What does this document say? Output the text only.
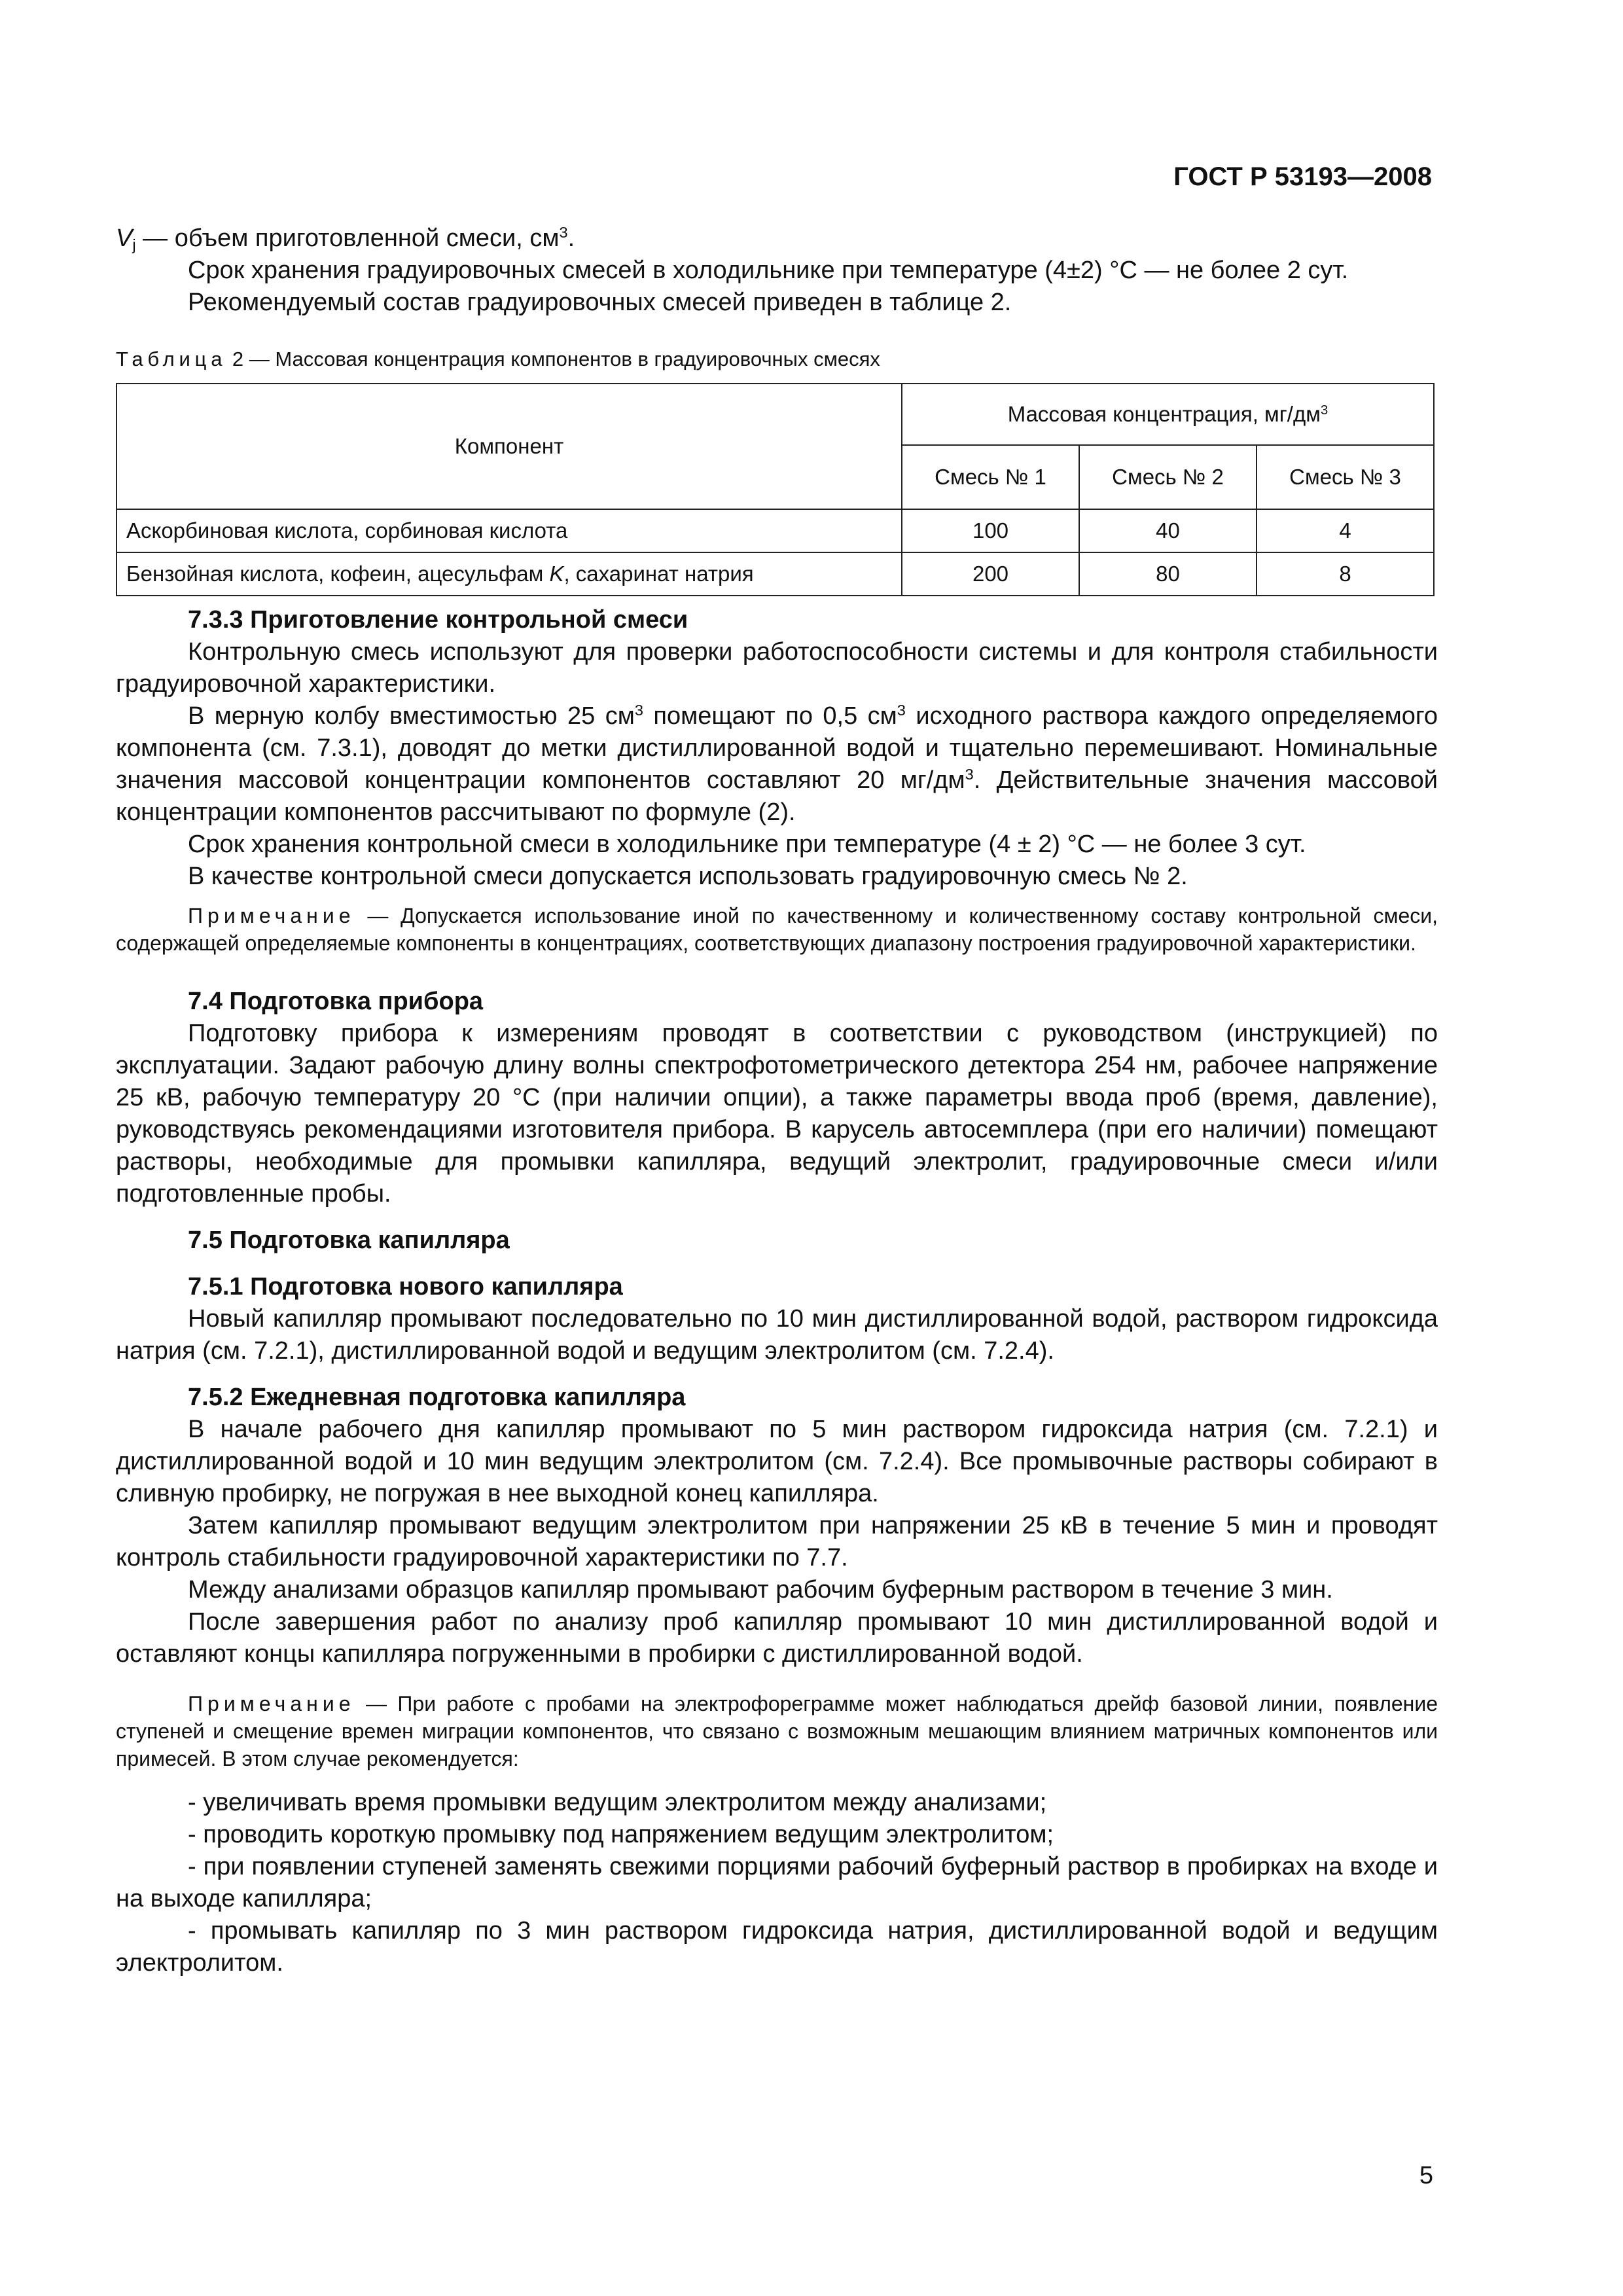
ГОСТ Р 53193—2008

$V_j$ — объем приготовленной смеси, $см^3$.

Срок хранения градуировочных смесей в холодильнике при температуре (4±2) °С — не более 2 сут.

Рекомендуемый состав градуировочных смесей приведен в таблице 2.

Таблица 2 — Массовая концентрация компонентов в градуировочных смесях

Компонент	Массовая концентрация, $мг/дм^3$
	Смесь № 1	Смесь № 2	Смесь № 3
Аскорбиновая кислота, сорбиновая кислота	100	40	4
Бензойная кислота, кофеин, ацесульфам K, сахаринат натрия	200	80	8

7.3.3 Приготовление контрольной смеси

Контрольную смесь используют для проверки работоспособности системы и для контроля стабильности градуировочной характеристики.

В мерную колбу вместимостью 25 $см^3$ помещают по 0,5 $см^3$ исходного раствора каждого определяемого компонента (см. 7.3.1), доводят до метки дистиллированной водой и тщательно перемешивают. Номинальные значения массовой концентрации компонентов составляют 20 $мг/дм^3$. Действительные значения массовой концентрации компонентов рассчитывают по формуле (2).

Срок хранения контрольной смеси в холодильнике при температуре (4 ± 2) °С — не более 3 сут.

В качестве контрольной смеси допускается использовать градуировочную смесь № 2.

Примечание — Допускается использование иной по качественному и количественному составу контрольной смеси, содержащей определяемые компоненты в концентрациях, соответствующих диапазону построения градуировочной характеристики.

7.4 Подготовка прибора

Подготовку прибора к измерениям проводят в соответствии с руководством (инструкцией) по эксплуатации. Задают рабочую длину волны спектрофотометрического детектора 254 нм, рабочее напряжение 25 кВ, рабочую температуру 20 °С (при наличии опции), а также параметры ввода проб (время, давление), руководствуясь рекомендациями изготовителя прибора. В карусель автосемплера (при его наличии) помещают растворы, необходимые для промывки капилляра, ведущий электролит, градуировочные смеси и/или подготовленные пробы.

7.5 Подготовка капилляра

7.5.1 Подготовка нового капилляра

Новый капилляр промывают последовательно по 10 мин дистиллированной водой, раствором гидроксида натрия (см. 7.2.1), дистиллированной водой и ведущим электролитом (см. 7.2.4).

7.5.2 Ежедневная подготовка капилляра

В начале рабочего дня капилляр промывают по 5 мин раствором гидроксида натрия (см. 7.2.1) и дистиллированной водой и 10 мин ведущим электролитом (см. 7.2.4). Все промывочные растворы собирают в сливную пробирку, не погружая в нее выходной конец капилляра.

Затем капилляр промывают ведущим электролитом при напряжении 25 кВ в течение 5 мин и проводят контроль стабильности градуировочной характеристики по 7.7.

Между анализами образцов капилляр промывают рабочим буферным раствором в течение 3 мин.

После завершения работ по анализу проб капилляр промывают 10 мин дистиллированной водой и оставляют концы капилляра погруженными в пробирки с дистиллированной водой.

Примечание — При работе с пробами на электрофореграмме может наблюдаться дрейф базовой линии, появление ступеней и смещение времен миграции компонентов, что связано с возможным мешающим влиянием матричных компонентов или примесей. В этом случае рекомендуется:

- увеличивать время промывки ведущим электролитом между анализами;

- проводить короткую промывку под напряжением ведущим электролитом;

- при появлении ступеней заменять свежими порциями рабочий буферный раствор в пробирках на входе и на выходе капилляра;

- промывать капилляр по 3 мин раствором гидроксида натрия, дистиллированной водой и ведущим электролитом.

5
